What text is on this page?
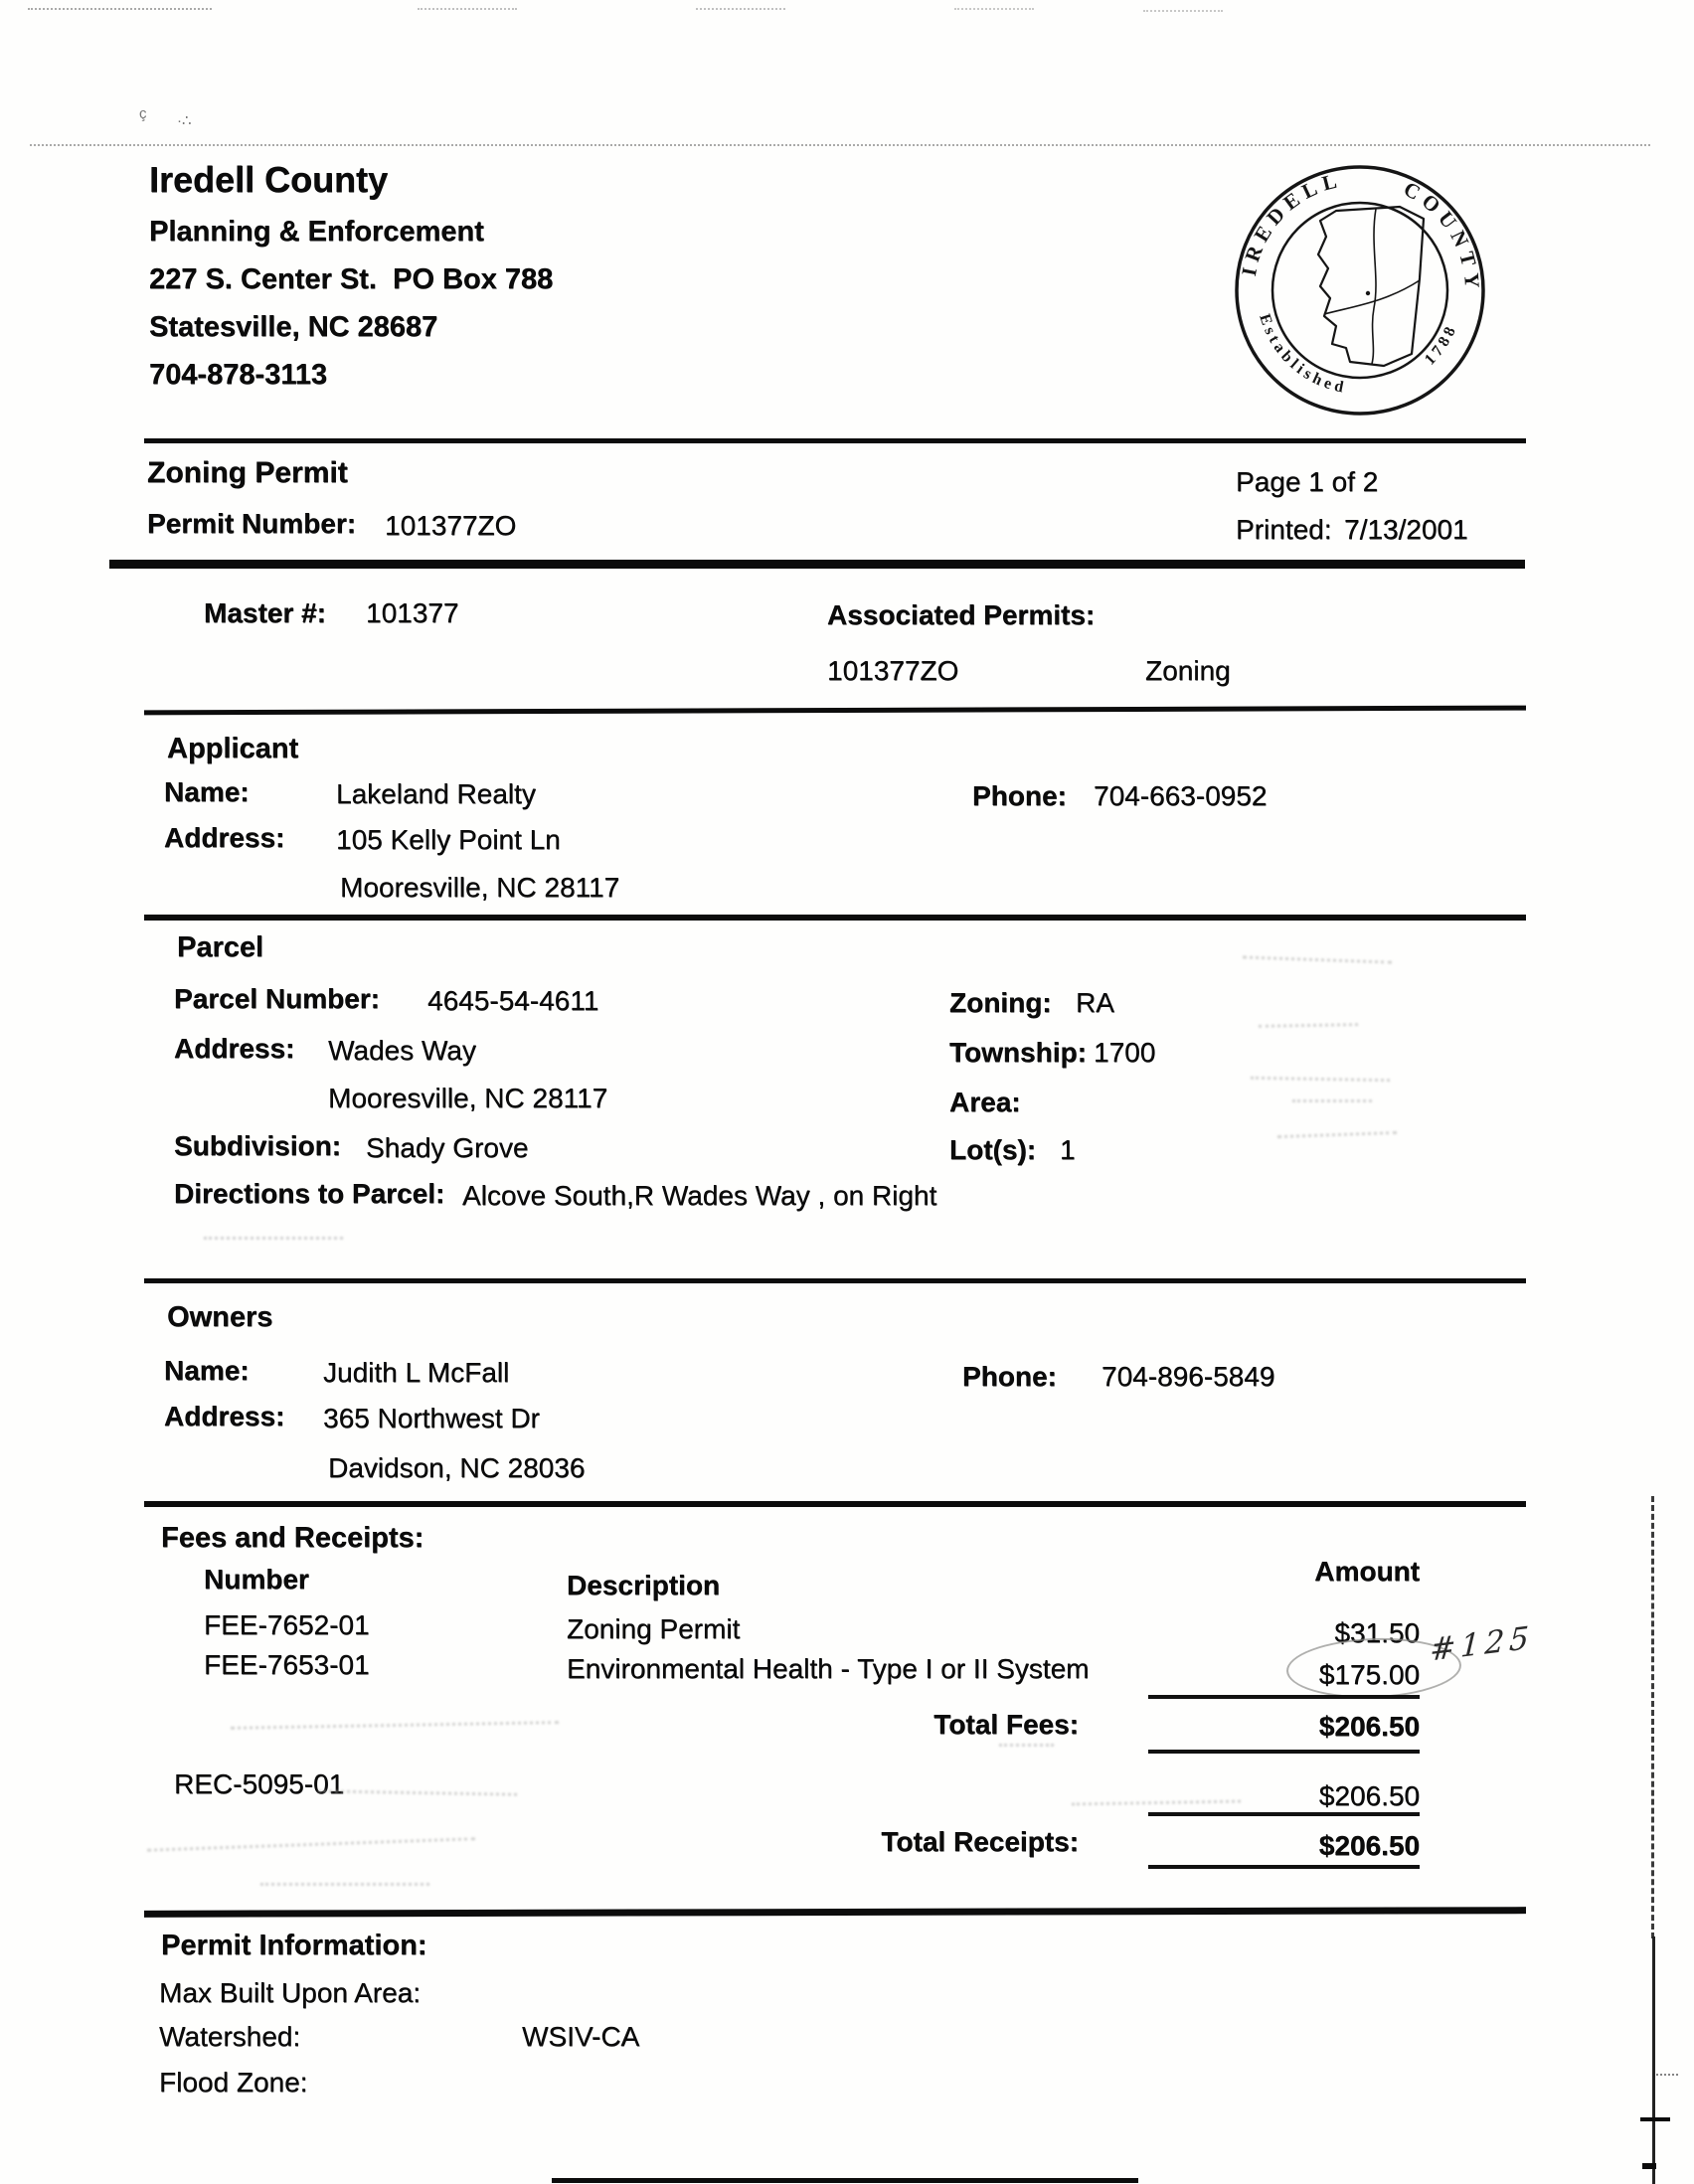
ç ·∴
Iredell County
Planning & Enforcement
227 S. Center St.  PO Box 788
Statesville, NC 28687
704-878-3113
IREDELL	COUNTY
Established
1788
Zoning Permit
Permit Number: 101377ZO
Page 1 of 2
Printed: 7/13/2001
Master #: 101377	Associated Permits:
101377ZO	Zoning
Applicant
Name:	Lakeland Realty	Phone: 704-663-0952
Address: 105 Kelly Point Ln
Mooresville, NC 28117
Parcel
Parcel Number: 4645-54-4611	Zoning: RA
Address: Wades Way	Township: 1700
Mooresville, NC 28117	Area:
Subdivision: Shady Grove	Lot(s): 1
Directions to Parcel: Alcove South,R Wades Way , on Right
Owners
Name:	Judith L McFall	Phone: 704-896-5849
Address: 365 Northwest Dr
Davidson, NC 28036
Fees and Receipts:
Number	Description	Amount
FEE-7652-01	Zoning Permit	$31.50
FEE-7653-01	Environmental Health - Type I or II System	$175.00
#125
Total Fees:	$206.50
REC-5095-01	$206.50
Total Receipts:	$206.50
Permit Information:
Max Built Upon Area:
Watershed:	WSIV-CA
Flood Zone:
